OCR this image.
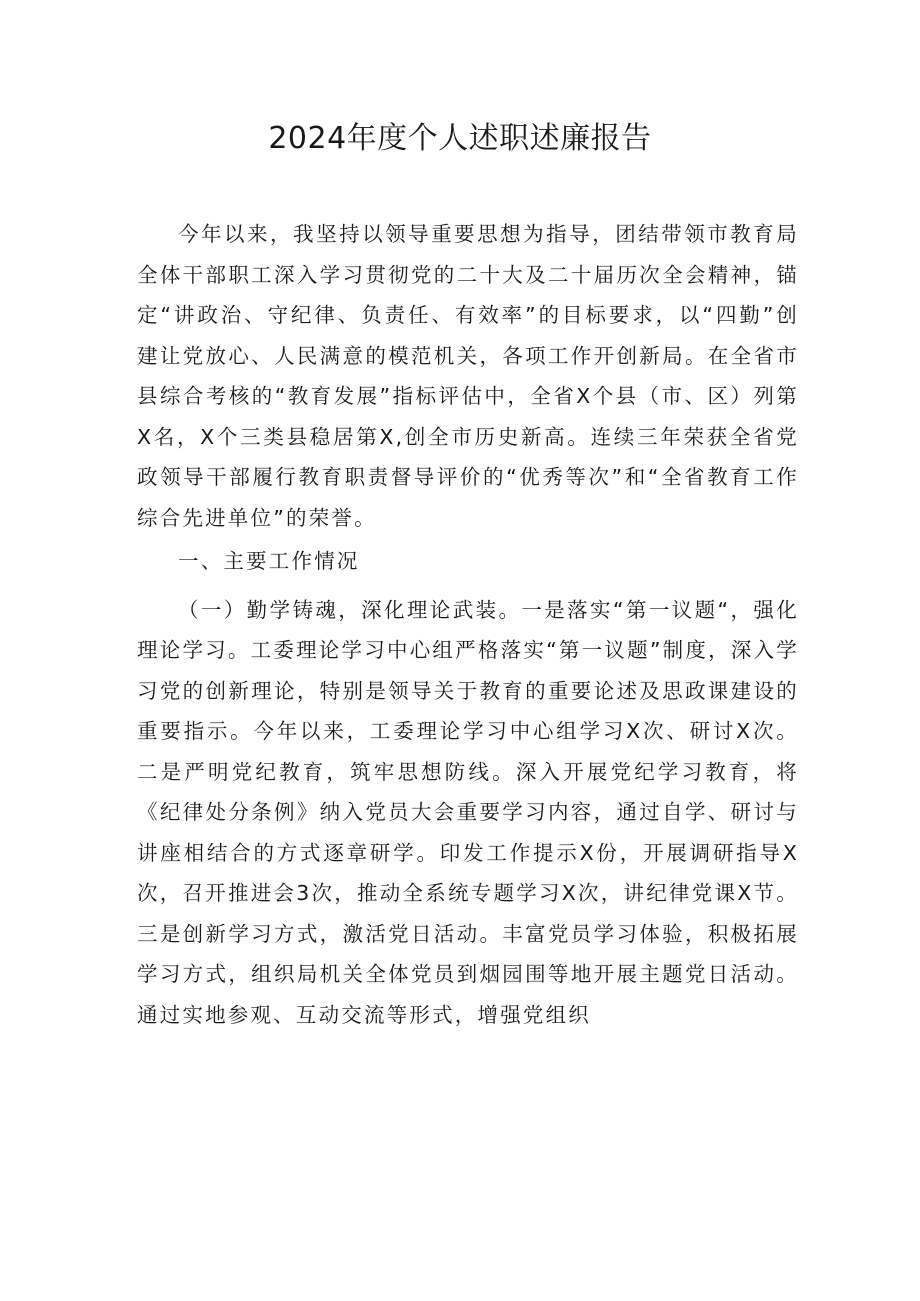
2024年度个人述职述廉报告

今年以来，我坚持以领导重要思想为指导，团结带领市教育局全体干部职工深入学习贯彻党的二十大及二十届历次全会精神，锚定“讲政治、守纪律、负责任、有效率”的目标要求，以“四勤”创建让党放心、人民满意的模范机关，各项工作开创新局。在全省市县综合考核的“教育发展”指标评估中，全省X个县（市、区）列第X名，X个三类县稳居第X,创全市历史新高。连续三年荣获全省党政领导干部履行教育职责督导评价的“优秀等次”和“全省教育工作综合先进单位”的荣誉。

一、主要工作情况

（一）勤学铸魂，深化理论武装。一是落实“第一议题“，强化理论学习。工委理论学习中心组严格落实“第一议题”制度，深入学习党的创新理论，特别是领导关于教育的重要论述及思政课建设的重要指示。今年以来，工委理论学习中心组学习X次、研讨X次。二是严明党纪教育，筑牢思想防线。深入开展党纪学习教育，将《纪律处分条例》纳入党员大会重要学习内容，通过自学、研讨与讲座相结合的方式逐章研学。印发工作提示X份，开展调研指导X次，召开推进会3次，推动全系统专题学习X次，讲纪律党课X节。三是创新学习方式，激活党日活动。丰富党员学习体验，积极拓展学习方式，组织局机关全体党员到烟园围等地开展主题党日活动。通过实地参观、互动交流等形式，增强党组织
